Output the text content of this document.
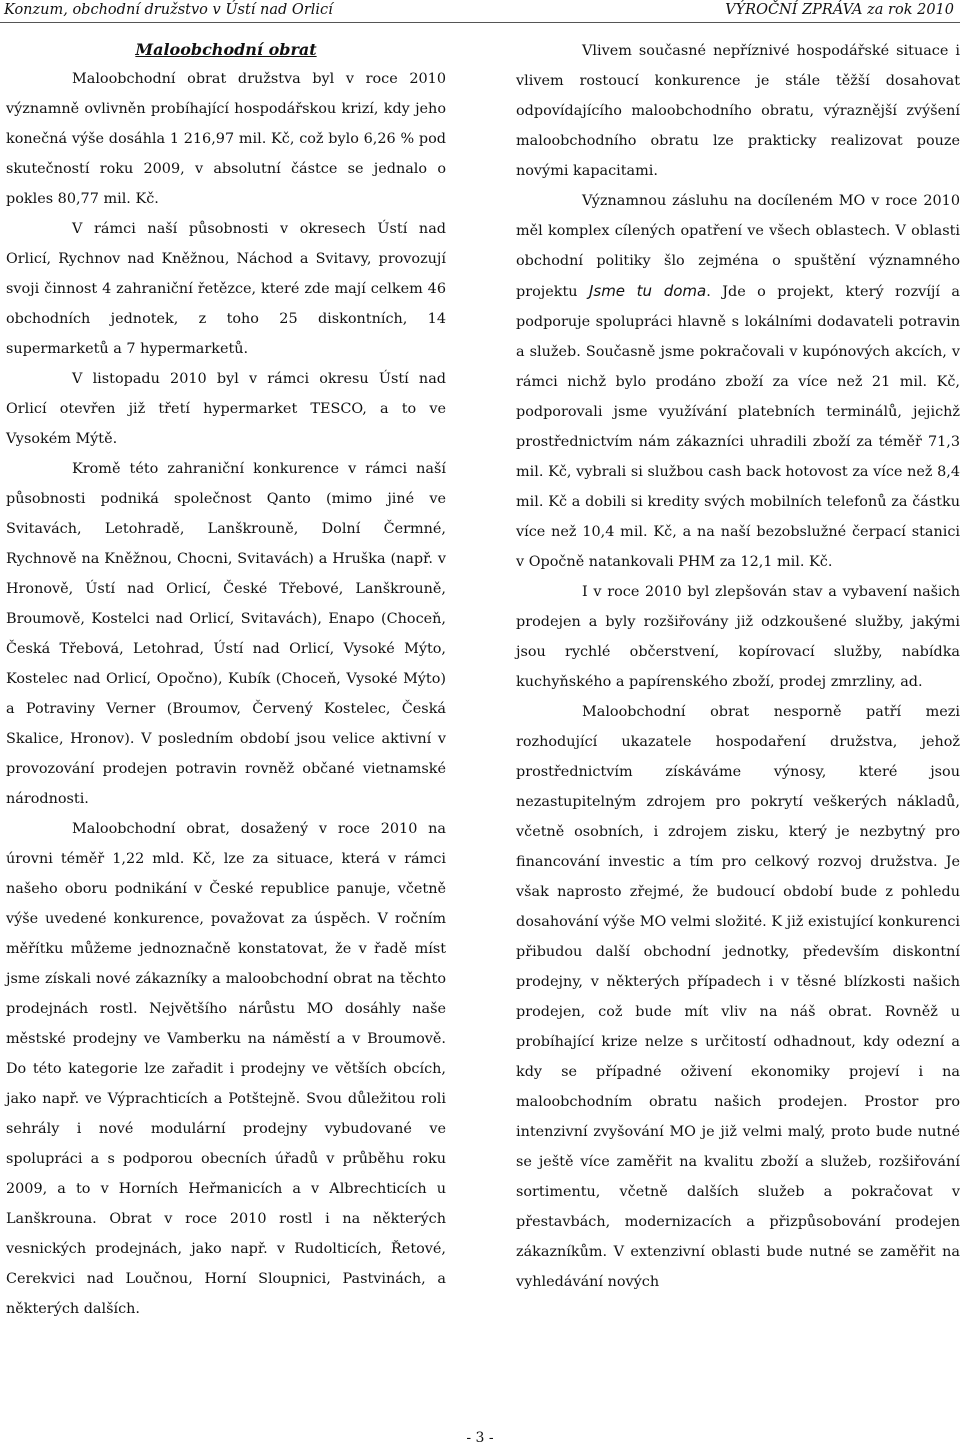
Konzum, obchodní družstvo v Ústí nad Orlicí	VÝROČNÍ ZPRÁVA za rok 2010
Maloobchodní obrat

Maloobchodní obrat družstva byl v roce 2010 významně ovlivněn probíhající hospodářskou krizí, kdy jeho konečná výše dosáhla 1 216,97 mil. Kč, což bylo 6,26 % pod skutečností roku 2009, v absolutní částce se jednalo o pokles 80,77 mil. Kč.

V rámci naší působnosti v okresech Ústí nad Orlicí, Rychnov nad Kněžnou, Náchod a Svitavy, provozují svoji činnost 4 zahraniční řetězce, které zde mají celkem 46 obchodních jednotek, z toho 25 diskontních, 14 supermarketů a 7 hypermarketů.

V listopadu 2010 byl v rámci okresu Ústí nad Orlicí otevřen již třetí hypermarket TESCO, a to ve Vysokém Mýtě.

Kromě této zahraniční konkurence v rámci naší působnosti podniká společnost Qanto (mimo jiné ve Svitavách, Letohradě, Lanškrouně, Dolní Čermné, Rychnově na Kněžnou, Chocni, Svitavách) a Hruška (např. v Hronově, Ústí nad Orlicí, České Třebové, Lanškrouně, Broumově, Kostelci nad Orlicí, Svitavách), Enapo (Choceň, Česká Třebová, Letohrad, Ústí nad Orlicí, Vysoké Mýto, Kostelec nad Orlicí, Opočno), Kubík (Choceň, Vysoké Mýto) a Potraviny Verner (Broumov, Červený Kostelec, Česká Skalice, Hronov). V posledním období jsou velice aktivní v provozování prodejen potravin rovněž občané vietnamské národnosti.

Maloobchodní obrat, dosažený v roce 2010 na úrovni téměř 1,22 mld. Kč, lze za situace, která v rámci našeho oboru podnikání v České republice panuje, včetně výše uvedené konkurence, považovat za úspěch. V ročním měřítku můžeme jednoznačně konstatovat, že v řadě míst jsme získali nové zákazníky a maloobchodní obrat na těchto prodejnách rostl. Největšího nárůstu MO dosáhly naše městské prodejny ve Vamberku na náměstí a v Broumově. Do této kategorie lze zařadit i prodejny ve větších obcích, jako např. ve Výprachticích a Potštejně. Svou důležitou roli sehrály i nové modulární prodejny vybudované ve spolupráci a s podporou obecních úřadů v průběhu roku 2009, a to v Horních Heřmanicích a v Albrechticích u Lanškrouna. Obrat v roce 2010 rostl i na některých vesnických prodejnách, jako např. v Rudolticích, Řetové, Cerekvici nad Loučnou, Horní Sloupnici, Pastvinách, a některých dalších.

Vlivem současné nepříznivé hospodářské situace i vlivem rostoucí konkurence je stále těžší dosahovat odpovídajícího maloobchodního obratu, výraznější zvýšení maloobchodního obratu lze prakticky realizovat pouze novými kapacitami.

Významnou zásluhu na docíleném MO v roce 2010 měl komplex cílených opatření ve všech oblastech. V oblasti obchodní politiky šlo zejména o spuštění významného projektu Jsme tu doma. Jde o projekt, který rozvíjí a podporuje spolupráci hlavně s lokálními dodavateli potravin a služeb. Současně jsme pokračovali v kupónových akcích, v rámci nichž bylo prodáno zboží za více než 21 mil. Kč, podporovali jsme využívání platebních terminálů, jejichž prostřednictvím nám zákazníci uhradili zboží za téměř 71,3 mil. Kč, vybrali si službou cash back hotovost za více než 8,4 mil. Kč a dobili si kredity svých mobilních telefonů za částku více než 10,4 mil. Kč, a na naší bezobslužné čerpací stanici v Opočně natankovali PHM za 12,1 mil. Kč.

I v roce 2010 byl zlepšován stav a vybavení našich prodejen a byly rozšiřovány již odzkoušené služby, jakými jsou rychlé občerstvení, kopírovací služby, nabídka kuchyňského a papírenského zboží, prodej zmrzliny, ad.

Maloobchodní obrat nesporně patří mezi rozhodující ukazatele hospodaření družstva, jehož prostřednictvím získáváme výnosy, které jsou nezastupitelným zdrojem pro pokrytí veškerých nákladů, včetně osobních, i zdrojem zisku, který je nezbytný pro financování investic a tím pro celkový rozvoj družstva. Je však naprosto zřejmé, že budoucí období bude z pohledu dosahování výše MO velmi složité. K již existující konkurenci přibudou další obchodní jednotky, především diskontní prodejny, v některých případech i v těsné blízkosti našich prodejen, což bude mít vliv na náš obrat. Rovněž u probíhající krize nelze s určitostí odhadnout, kdy odezní a kdy se případné oživení ekonomiky projeví i na maloobchodním obratu našich prodejen. Prostor pro intenzivní zvyšování MO je již velmi malý, proto bude nutné se ještě více zaměřit na kvalitu zboží a služeb, rozšiřování sortimentu, včetně dalších služeb a pokračovat v přestavbách, modernizacích a přizpůsobování prodejen zákazníkům. V extenzivní oblasti bude nutné se zaměřit na vyhledávání nových

- 3 -
